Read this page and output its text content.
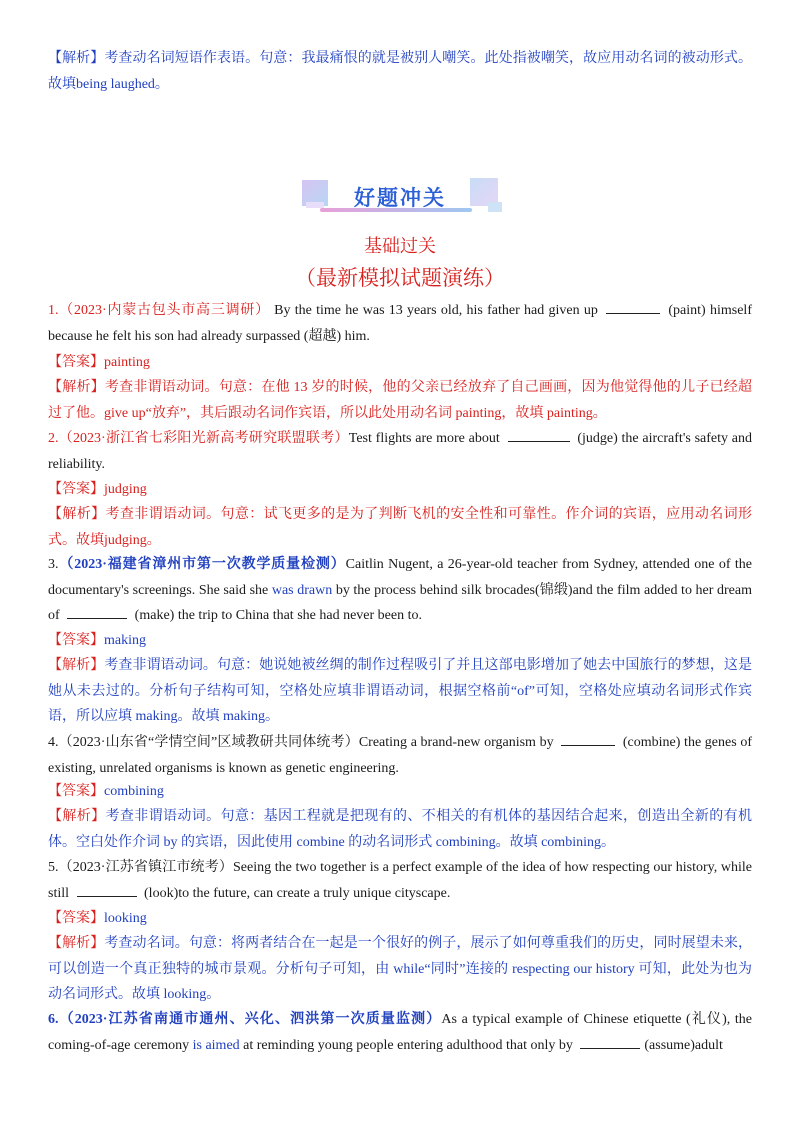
【解析】考查动名词短语作表语。句意：我最痛恨的就是被别人嘲笑。此处指被嘲笑，故应用动名词的被动形式。故填being laughed。
好题冲关
基础过关
（最新模拟试题演练）
1.（2023·内蒙古包头市高三调研） By the time he was 13 years old, his father had given up	(paint) himself because he felt his son had already surpassed (超越) him.
【答案】painting
【解析】考查非谓语动词。句意：在他 13 岁的时候，他的父亲已经放弃了自己画画，因为他觉得他的儿子已经超过了他。give up“放弃”，其后跟动名词作宾语，所以此处用动名词 painting，故填 painting。
2.（2023·浙江省七彩阳光新高考研究联盟联考）Test flights are more about	(judge) the aircraft's safety and reliability.
【答案】judging
【解析】考查非谓语动词。句意：试飞更多的是为了判断飞机的安全性和可靠性。作介词的宾语，应用动名词形式。故填judging。
3.（2023·福建省漳州市第一次教学质量检测）Caitlin Nugent, a 26-year-old teacher from Sydney, attended one of the documentary's screenings. She said she was drawn by the process behind silk brocades(锦缎)and the film added to her dream of	(make) the trip to China that she had never been to.
【答案】making
【解析】考查非谓语动词。句意：她说她被丝绸的制作过程吸引了并且这部电影增加了她去中国旅行的梦想，这是她从未去过的。分析句子结构可知，空格处应填非谓语动词，根据空格前“of”可知，空格处应填动名词形式作宾语，所以应填 making。故填 making。
4.（2023·山东省“学情空间”区域教研共同体统考）Creating a brand-new organism by	(combine) the genes of existing, unrelated organisms is known as genetic engineering.
【答案】combining
【解析】考查非谓语动词。句意：基因工程就是把现有的、不相关的有机体的基因结合起来，创造出全新的有机体。空白处作介词 by 的宾语，因此使用 combine 的动名词形式 combining。故填 combining。
5.（2023·江苏省镇江市统考）Seeing the two together is a perfect example of the idea of how respecting our history, while still	(look)to the future, can create a truly unique cityscape.
【答案】looking
【解析】考查动名词。句意：将两者结合在一起是一个很好的例子，展示了如何尊重我们的历史，同时展望未来，可以创造一个真正独特的城市景观。分析句子可知，由 while“同时”连接的 respecting our history 可知，此处为也为动名词形式。故填 looking。
6.（2023·江苏省南通市通州、兴化、泗洪第一次质量监测）As a typical example of Chinese etiquette (礼仪), the coming-of-age ceremony is aimed at reminding young people entering adulthood that only by	(assume)adult
